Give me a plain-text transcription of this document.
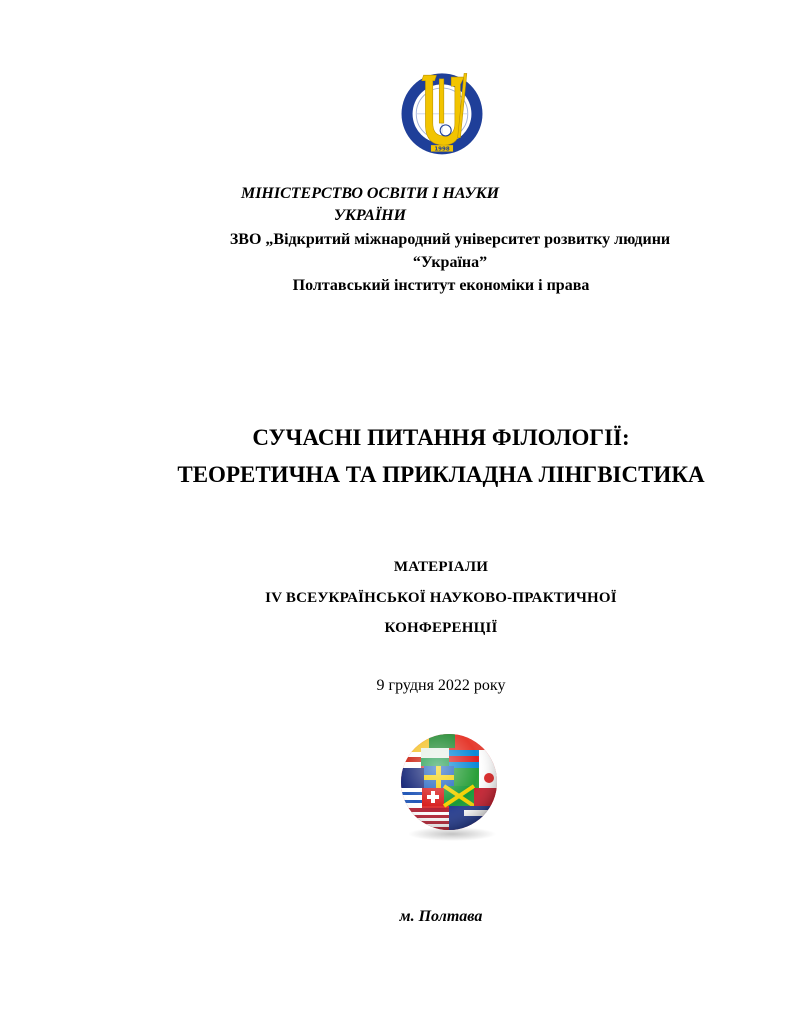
1998
МІНІСТЕРСТВО ОСВІТИ І НАУКИ
УКРАЇНИ
ЗВО „Відкритий міжнародний університет розвитку людини
“Україна”
Полтавський інститут економіки і права
СУЧАСНІ ПИТАННЯ ФІЛОЛОГІЇ:
ТЕОРЕТИЧНА ТА ПРИКЛАДНА ЛІНГВІСТИКА
МАТЕРІАЛИ
IV ВСЕУКРАЇНСЬКОЇ НАУКОВО-ПРАКТИЧНОЇ
КОНФЕРЕНЦІЇ
9 грудня 2022 року
м. Полтава
